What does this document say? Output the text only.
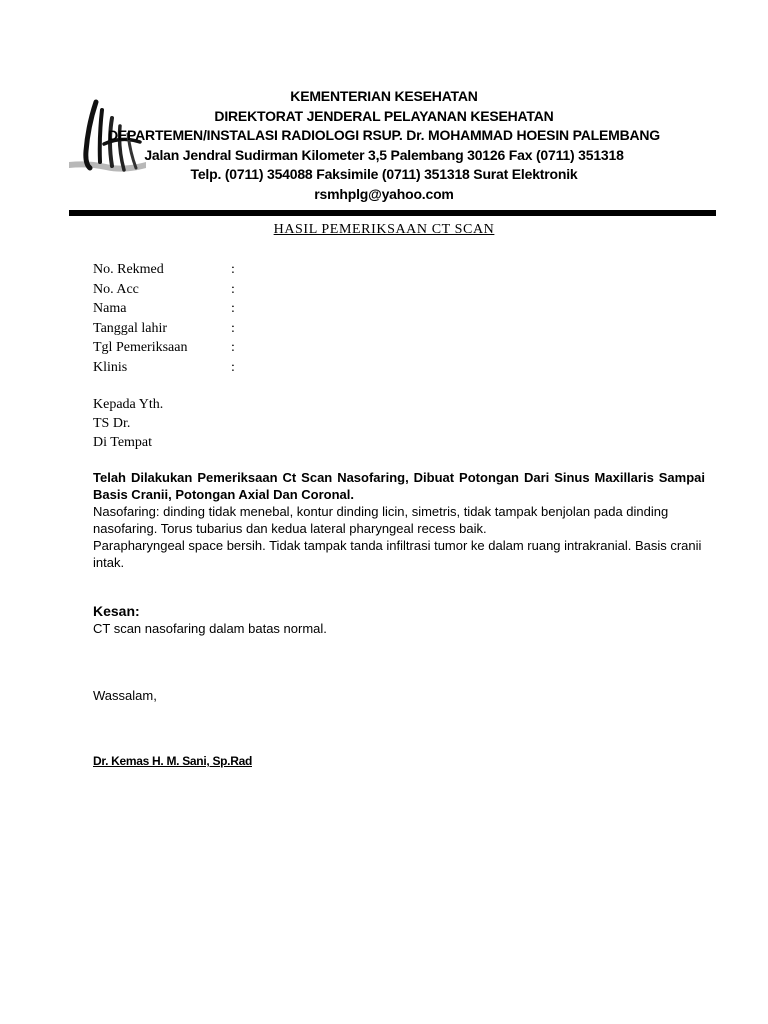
KEMENTERIAN KESEHATAN
DIREKTORAT JENDERAL PELAYANAN KESEHATAN
DEPARTEMEN/INSTALASI RADIOLOGI RSUP. Dr. MOHAMMAD HOESIN PALEMBANG
Jalan Jendral Sudirman Kilometer 3,5 Palembang 30126 Fax (0711) 351318
Telp. (0711) 354088 Faksimile (0711) 351318 Surat Elektronik
rsmhplg@yahoo.com
HASIL PEMERIKSAAN CT SCAN
No. Rekmed	:
No. Acc	:
Nama	:
Tanggal lahir	:
Tgl Pemeriksaan	:
Klinis	:
Kepada Yth.
TS Dr.
Di Tempat

Telah Dilakukan Pemeriksaan Ct Scan Nasofaring, Dibuat Potongan Dari Sinus Maxillaris Sampai Basis Cranii, Potongan Axial Dan Coronal.

Nasofaring: dinding tidak menebal, kontur dinding licin, simetris, tidak tampak benjolan pada dinding nasofaring. Torus tubarius dan kedua lateral pharyngeal recess baik.

Parapharyngeal space bersih. Tidak tampak tanda infiltrasi tumor ke dalam ruang intrakranial. Basis cranii intak.

Kesan:
CT scan nasofaring dalam batas normal.
Wassalam,
Dr. Kemas H. M. Sani, Sp.Rad
